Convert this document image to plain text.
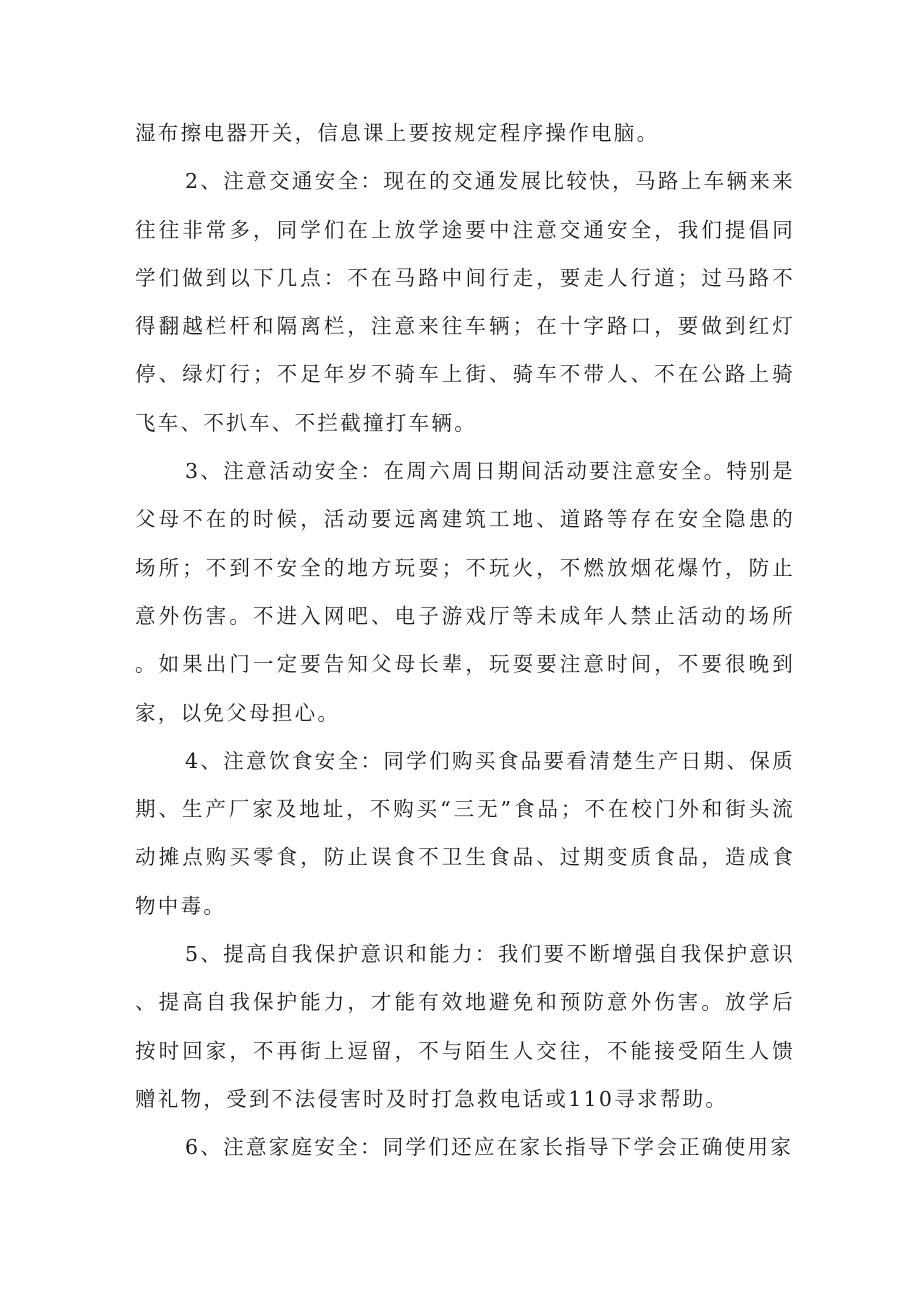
湿布擦电器开关，信息课上要按规定程序操作电脑。

2、注意交通安全：现在的交通发展比较快，马路上车辆来来往往非常多，同学们在上放学途要中注意交通安全，我们提倡同学们做到以下几点：不在马路中间行走，要走人行道；过马路不得翻越栏杆和隔离栏，注意来往车辆；在十字路口，要做到红灯停、绿灯行；不足年岁不骑车上街、骑车不带人、不在公路上骑飞车、不扒车、不拦截撞打车辆。

3、注意活动安全：在周六周日期间活动要注意安全。特别是父母不在的时候，活动要远离建筑工地、道路等存在安全隐患的场所；不到不安全的地方玩耍；不玩火，不燃放烟花爆竹，防止意外伤害。不进入网吧、电子游戏厅等未成年人禁止活动的场所。如果出门一定要告知父母长辈，玩耍要注意时间，不要很晚到家，以免父母担心。

4、注意饮食安全：同学们购买食品要看清楚生产日期、保质期、生产厂家及地址，不购买“三无”食品；不在校门外和街头流动摊点购买零食，防止误食不卫生食品、过期变质食品，造成食物中毒。

5、提高自我保护意识和能力：我们要不断增强自我保护意识、提高自我保护能力，才能有效地避免和预防意外伤害。放学后按时回家，不再街上逗留，不与陌生人交往，不能接受陌生人馈赠礼物，受到不法侵害时及时打急救电话或110寻求帮助。

6、注意家庭安全：同学们还应在家长指导下学会正确使用家
